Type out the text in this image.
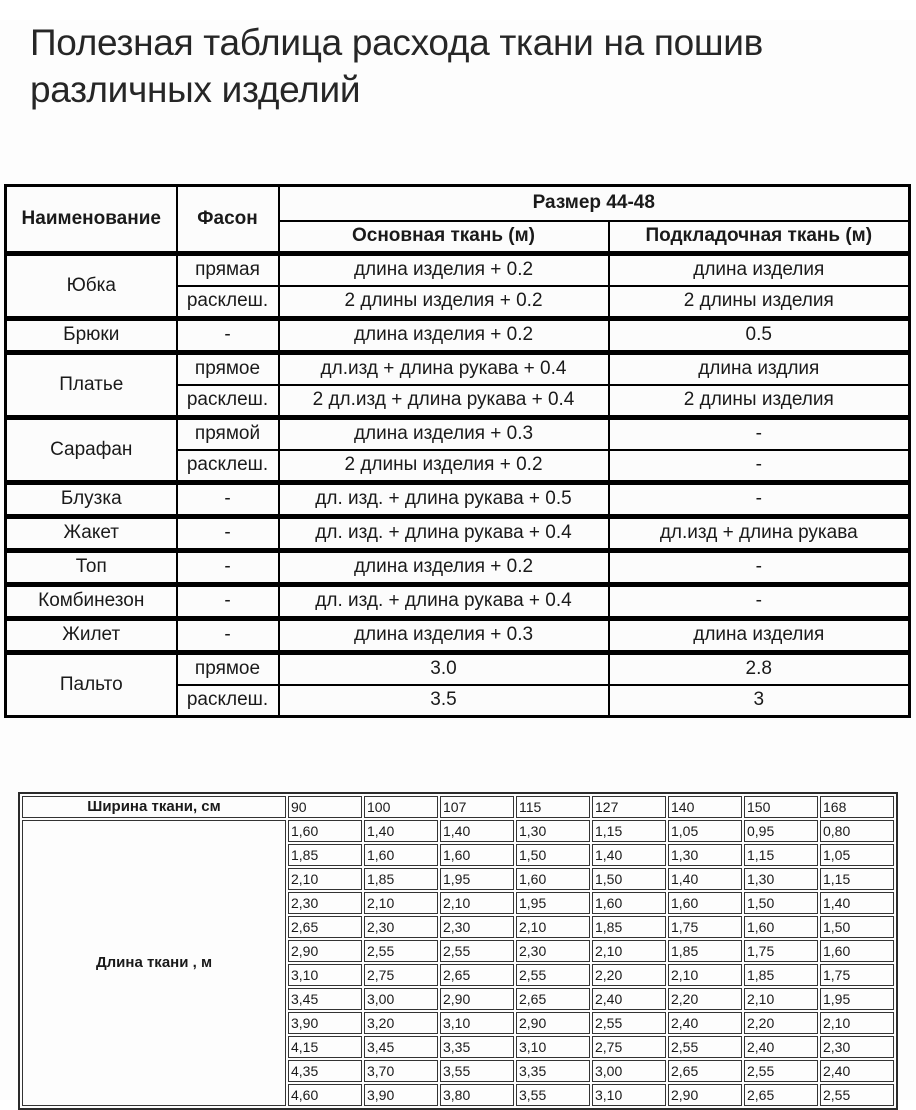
Полезная таблица расхода ткани на пошив различных изделий
Наименование	Фасон	Размер 44-48	
		Основная ткань (м)	Подкладочная ткань (м)
Юбка	прямая	длина изделия + 0.2	длина изделия
	расклеш.	2 длины изделия + 0.2	2 длины изделия
Брюки	-	длина изделия + 0.2	0.5
Платье	прямое	дл.изд + длина рукава + 0.4	длина издлия
	расклеш.	2 дл.изд + длина рукава + 0.4	2 длины изделия
Сарафан	прямой	длина изделия + 0.3	-
	расклеш.	2 длины изделия + 0.2	-
Блузка	-	дл. изд. + длина рукава + 0.5	-
Жакет	-	дл. изд. + длина рукава + 0.4	дл.изд + длина рукава
Топ	-	длина изделия + 0.2	-
Комбинезон	-	дл. изд. + длина рукава + 0.4	-
Жилет	-	длина изделия + 0.3	длина изделия
Пальто	прямое	3.0	2.8
	расклеш.	3.5	3
Ширина ткани, см	90	100	107	115	127	140	150	168
Длина ткани , м	1,60	1,40	1,40	1,30	1,15	1,05	0,95	0,80
	1,85	1,60	1,60	1,50	1,40	1,30	1,15	1,05
	2,10	1,85	1,95	1,60	1,50	1,40	1,30	1,15
	2,30	2,10	2,10	1,95	1,60	1,60	1,50	1,40
	2,65	2,30	2,30	2,10	1,85	1,75	1,60	1,50
	2,90	2,55	2,55	2,30	2,10	1,85	1,75	1,60
	3,10	2,75	2,65	2,55	2,20	2,10	1,85	1,75
	3,45	3,00	2,90	2,65	2,40	2,20	2,10	1,95
	3,90	3,20	3,10	2,90	2,55	2,40	2,20	2,10
	4,15	3,45	3,35	3,10	2,75	2,55	2,40	2,30
	4,35	3,70	3,55	3,35	3,00	2,65	2,55	2,40
	4,60	3,90	3,80	3,55	3,10	2,90	2,65	2,55
